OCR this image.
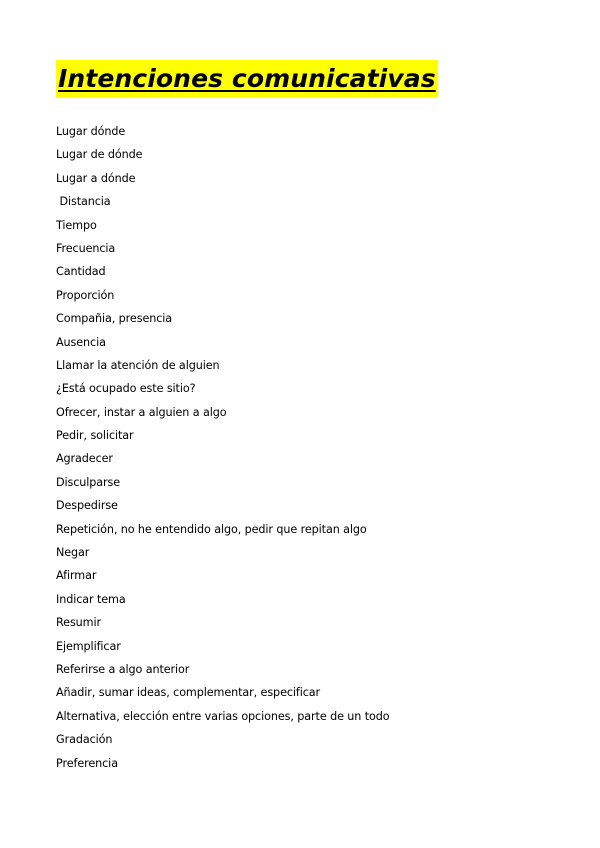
Intenciones comunicativas
Lugar dónde
Lugar de dónde
Lugar a dónde
Distancia
Tiempo
Frecuencia
Cantidad
Proporción
Compañia, presencia
Ausencia
Llamar la atención de alguien
¿Está ocupado este sitio?
Ofrecer, instar a alguien a algo
Pedir, solicitar
Agradecer
Disculparse
Despedirse
Repetición, no he entendido algo, pedir que repitan algo
Negar
Afirmar
Indicar tema
Resumir
Ejemplificar
Referirse a algo anterior
Añadir, sumar ideas, complementar, especificar
Alternativa, elección entre varias opciones, parte de un todo
Gradación
Preferencia
